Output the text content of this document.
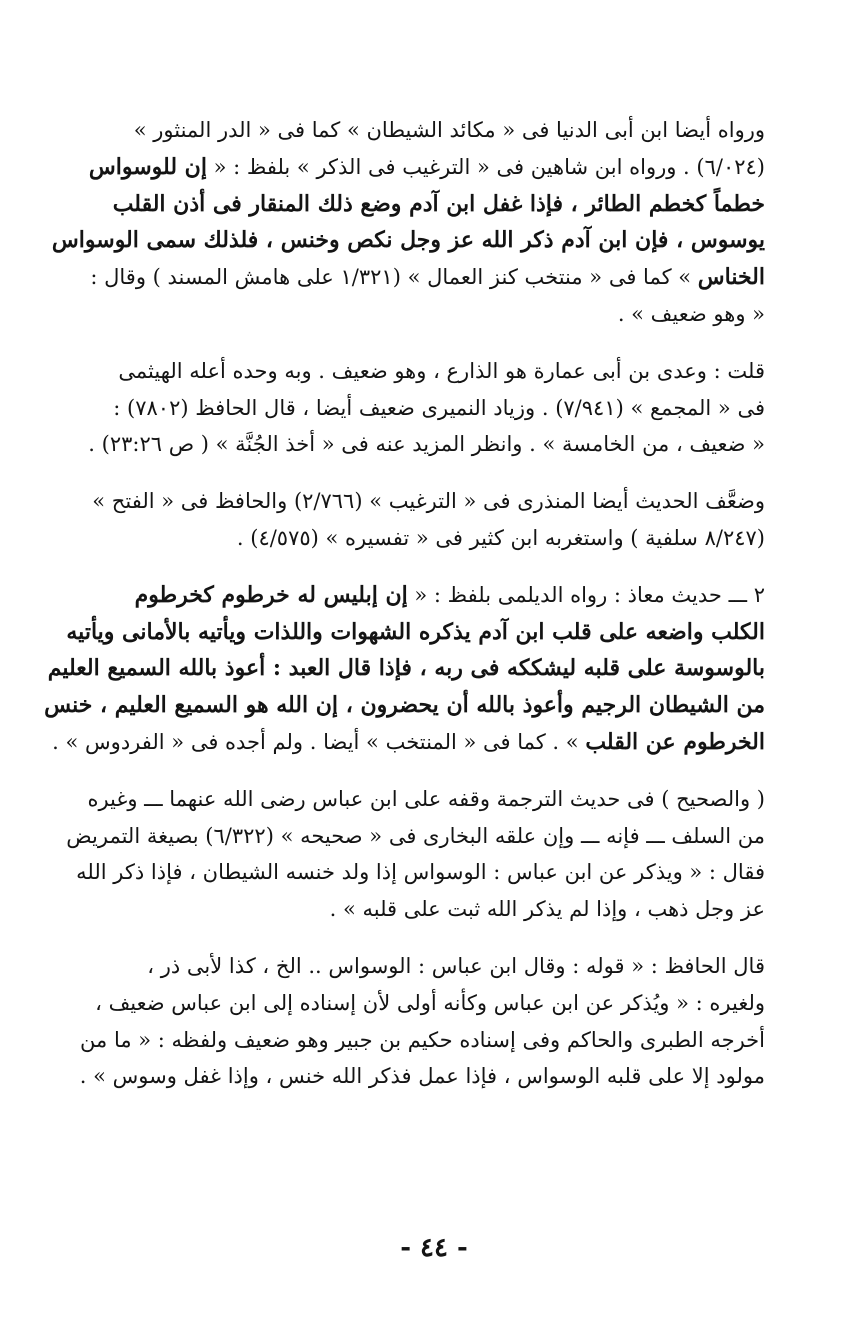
ورواه أيضا ابن أبى الدنيا فى « مكائد الشيطان » كما فى « الدر المنثور »
(٦/٠٢٤) . ورواه ابن شاهين فى « الترغيب فى الذكر » بلفظ : « إن للوسواس
خطماً كخطم الطائر ، فإذا غفل ابن آدم وضع ذلك المنقار فى أذن القلب
يوسوس ، فإن ابن آدم ذكر الله عز وجل نكص وخنس ، فلذلك سمى الوسواس
الخناس » كما فى « منتخب كنز العمال » (١/٣٢١ على هامش المسند ) وقال :
« وهو ضعيف » .

قلت : وعدى بن أبى عمارة هو الذارع ، وهو ضعيف . وبه وحده أعله الهيثمى
فى « المجمع » (٧/٩٤١) . وزياد النميرى ضعيف أيضا ، قال الحافظ (٧٨٠٢) :
« ضعيف ، من الخامسة » . وانظر المزيد عنه فى « أخذ الجُنَّة » ( ص ٢٣:٢٦) .

وضعَّف الحديث أيضا المنذرى فى « الترغيب » (٢/٧٦٦) والحافظ فى « الفتح »
(٨/٢٤٧ سلفية ) واستغربه ابن كثير فى « تفسيره » (٤/٥٧٥) .

٢ ـــ حديث معاذ : رواه الديلمى بلفظ : « إن إبليس له خرطوم كخرطوم
الكلب واضعه على قلب ابن آدم يذكره الشهوات واللذات ويأتيه بالأمانى ويأتيه
بالوسوسة على قلبه ليشككه فى ربه ، فإذا قال العبد : أعوذ بالله السميع العليم
من الشيطان الرجيم وأعوذ بالله أن يحضرون ، إن الله هو السميع العليم ، خنس
الخرطوم عن القلب » . كما فى « المنتخب » أيضا . ولم أجده فى « الفردوس » .

( والصحيح ) فى حديث الترجمة وقفه على ابن عباس رضى الله عنهما ـــ وغيره
من السلف ـــ فإنه ـــ وإن علقه البخارى فى « صحيحه » (٦/٣٢٢) بصيغة التمريض
فقال : « ويذكر عن ابن عباس : الوسواس إذا ولد خنسه الشيطان ، فإذا ذكر الله
عز وجل ذهب ، وإذا لم يذكر الله ثبت على قلبه » .

قال الحافظ : « قوله : وقال ابن عباس : الوسواس .. الخ ، كذا لأبى ذر ،
ولغيره : « ويُذكر عن ابن عباس وكأنه أولى لأن إسناده إلى ابن عباس ضعيف ،
أخرجه الطبرى والحاكم وفى إسناده حكيم بن جبير وهو ضعيف ولفظه : « ما من
مولود إلا على قلبه الوسواس ، فإذا عمل فذكر الله خنس ، وإذا غفل وسوس » .

- ٤٤ -
